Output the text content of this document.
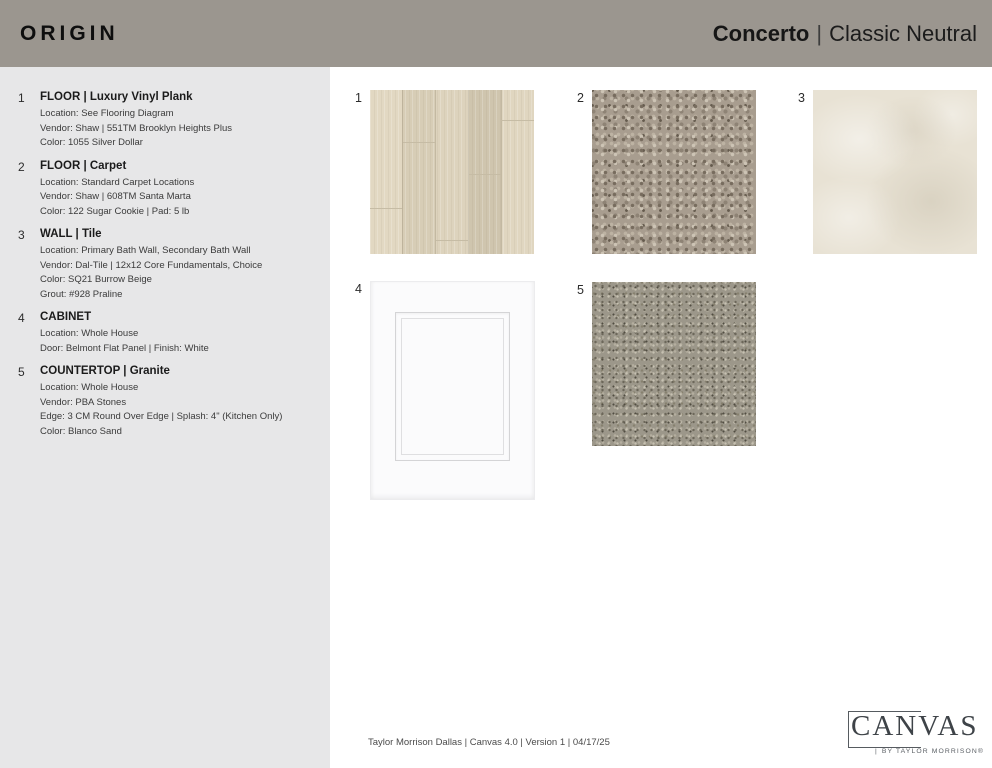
ORIGIN	Concerto | Classic Neutral
1	FLOOR | Luxury Vinyl Plank
Location: See Flooring Diagram
Vendor: Shaw | 551TM Brooklyn Heights Plus
Color: 1055 Silver Dollar
2	FLOOR | Carpet
Location: Standard Carpet Locations
Vendor: Shaw | 608TM Santa Marta
Color: 122 Sugar Cookie | Pad: 5 lb
3	WALL | Tile
Location: Primary Bath Wall, Secondary Bath Wall
Vendor: Dal-Tile | 12x12 Core Fundamentals, Choice
Color: SQ21 Burrow Beige
Grout: #928 Praline
4	CABINET
Location: Whole House
Door: Belmont Flat Panel | Finish: White
5	COUNTERTOP | Granite
Location: Whole House
Vendor: PBA Stones
Edge: 3 CM Round Over Edge | Splash: 4" (Kitchen Only)
Color: Blanco Sand
1	2	3
4	5
Taylor Morrison Dallas | Canvas 4.0 | Version 1 | 04/17/25
CANVAS
| BY TAYLOR MORRISON®
